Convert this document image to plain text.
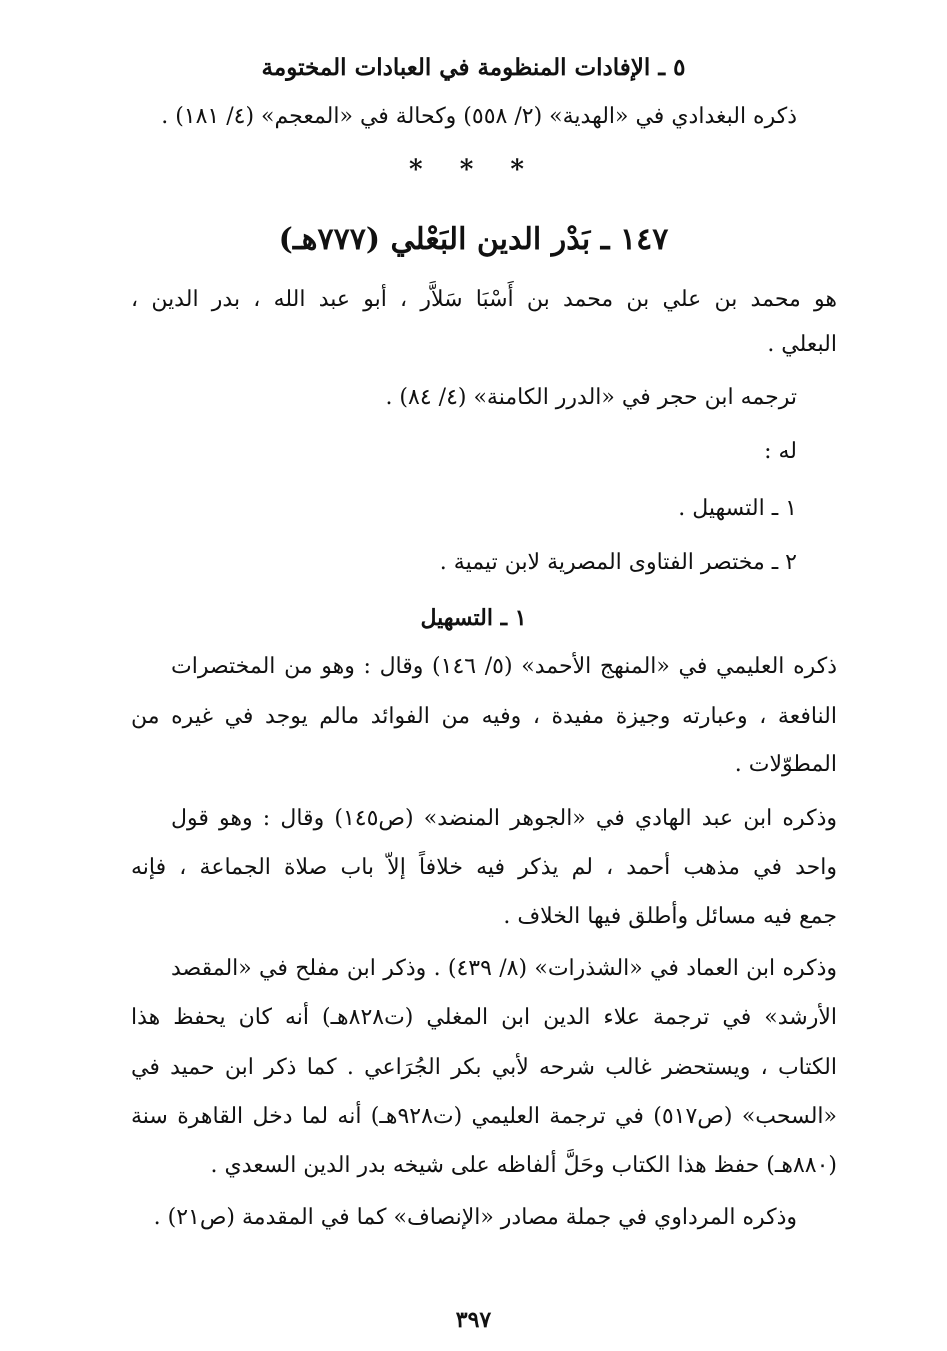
٥ ـ الإفادات المنظومة في العبادات المختومة
ذكره البغدادي في «الهدية» (٢/ ٥٥٨) وكحالة في «المعجم» (٤/ ١٨١) .
* * *
١٤٧ ـ بَدْر الدين البَعْلي (٧٧٧هـ)
هو محمد بن علي بن محمد بن أَسْبَا سَلاَّر ، أبو عبد الله ، بدر الدين ،
البعلي .
ترجمه ابن حجر في «الدرر الكامنة» (٤/ ٨٤) .
له :
١ ـ التسهيل .
٢ ـ مختصر الفتاوى المصرية لابن تيمية .
١ ـ التسهيل
ذكره العليمي في «المنهج الأحمد» (٥/ ١٤٦) وقال : وهو من المختصرات
النافعة ، وعبارته وجيزة مفيدة ، وفيه من الفوائد مالم يوجد في غيره من
المطوّلات .
وذكره ابن عبد الهادي في «الجوهر المنضد» (ص١٤٥) وقال : وهو قول
واحد في مذهب أحمد ، لم يذكر فيه خلافاً إلاّ باب صلاة الجماعة ، فإنه
جمع فيه مسائل وأطلق فيها الخلاف .
وذكره ابن العماد في «الشذرات» (٨/ ٤٣٩) . وذكر ابن مفلح في «المقصد
الأرشد» في ترجمة علاء الدين ابن المغلي (ت٨٢٨هـ) أنه كان يحفظ هذا
الكتاب ، ويستحضر غالب شرحه لأبي بكر الجُرَاعي . كما ذكر ابن حميد في
«السحب» (ص٥١٧) في ترجمة العليمي (ت٩٢٨هـ) أنه لما دخل القاهرة سنة
(٨٨٠هـ) حفظ هذا الكتاب وحَلَّ ألفاظه على شيخه بدر الدين السعدي .
وذكره المرداوي في جملة مصادر «الإنصاف» كما في المقدمة (ص٢١) .
٣٩٧
